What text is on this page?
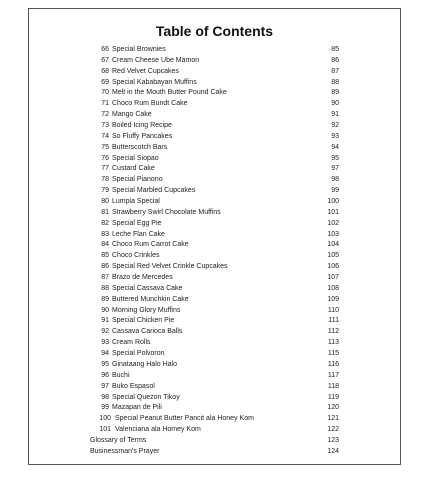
Table of Contents
66 Special Brownies	85
67 Cream Cheese Ube Mamon	86
68 Red Velvet Cupcakes	87
69 Special Kababayan Muffins	88
70 Melt in the Mouth Butter Pound Cake	89
71 Choco Rum Bundt Cake	90
72 Mango Cake	91
73 Boiled Icing Recipe	92
74 So Fluffy Pancakes	93
75 Butterscotch Bars	94
76 Special Siopao	95
77 Custard Cake	97
78 Special Pianono	98
79 Special Marbled Cupcakes	99
80 Lumpia Special	100
81 Strawberry Swirl Chocolate Muffins	101
82 Special Egg Pie	102
83 Leche Flan Cake	103
84 Choco Rum Carrot Cake	104
85 Choco Crinkles	105
86 Special Red Velvet Crinkle Cupcakes	106
87 Brazo de Mercedes	107
88 Special Cassava Cake	108
89 Buttered Munchkin Cake	109
90 Morning Glory Muffins	110
91 Special Chicken Pie	111
92 Cassava Carioca Balls	112
93 Cream Rolls	113
94 Special Polvoron	115
95 Ginataang Halo Halo	116
96 Buchi	117
97 Buko Espasol	118
98 Special Quezon Tikoy	119
99 Mazapan de Pili	120
100 Special Peanut Butter Pancit ala Honey Kom	121
101 Valenciana ala Homey Kom	122
Glossary of Terms	123
Businessman's Prayer	124
